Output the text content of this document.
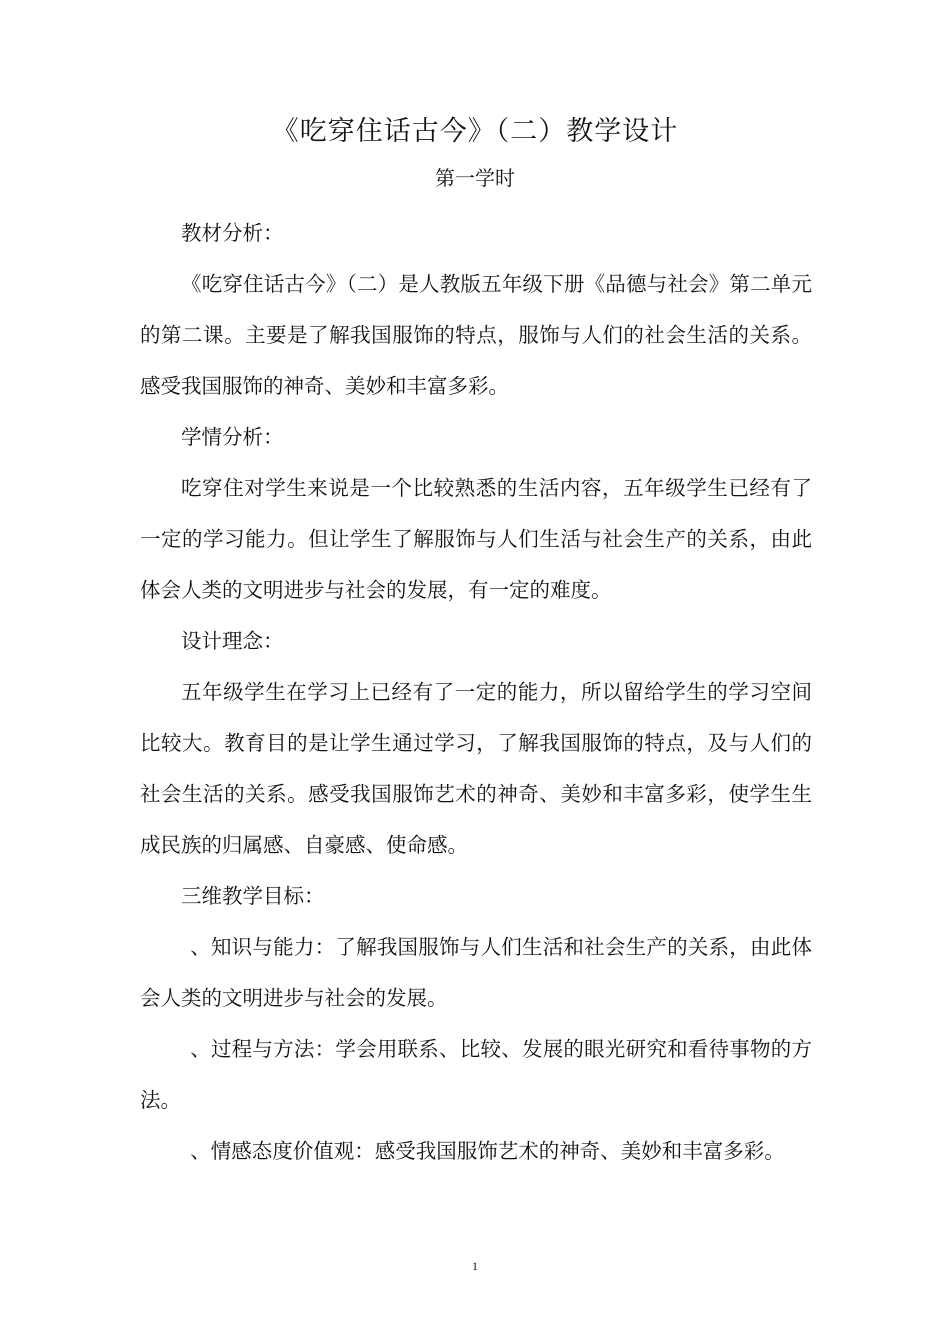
《吃穿住话古今》（二）教学设计
第一学时

教材分析：

《吃穿住话古今》（二）是人教版五年级下册《品德与社会》第二单元的第二课。主要是了解我国服饰的特点，服饰与人们的社会生活的关系。感受我国服饰的神奇、美妙和丰富多彩。

学情分析：

吃穿住对学生来说是一个比较熟悉的生活内容，五年级学生已经有了一定的学习能力。但让学生了解服饰与人们生活与社会生产的关系，由此体会人类的文明进步与社会的发展，有一定的难度。

设计理念：

五年级学生在学习上已经有了一定的能力，所以留给学生的学习空间比较大。教育目的是让学生通过学习，了解我国服饰的特点，及与人们的社会生活的关系。感受我国服饰艺术的神奇、美妙和丰富多彩，使学生生成民族的归属感、自豪感、使命感。

三维教学目标：

、知识与能力：了解我国服饰与人们生活和社会生产的关系，由此体会人类的文明进步与社会的发展。

、过程与方法：学会用联系、比较、发展的眼光研究和看待事物的方法。

、情感态度价值观：感受我国服饰艺术的神奇、美妙和丰富多彩。

1
